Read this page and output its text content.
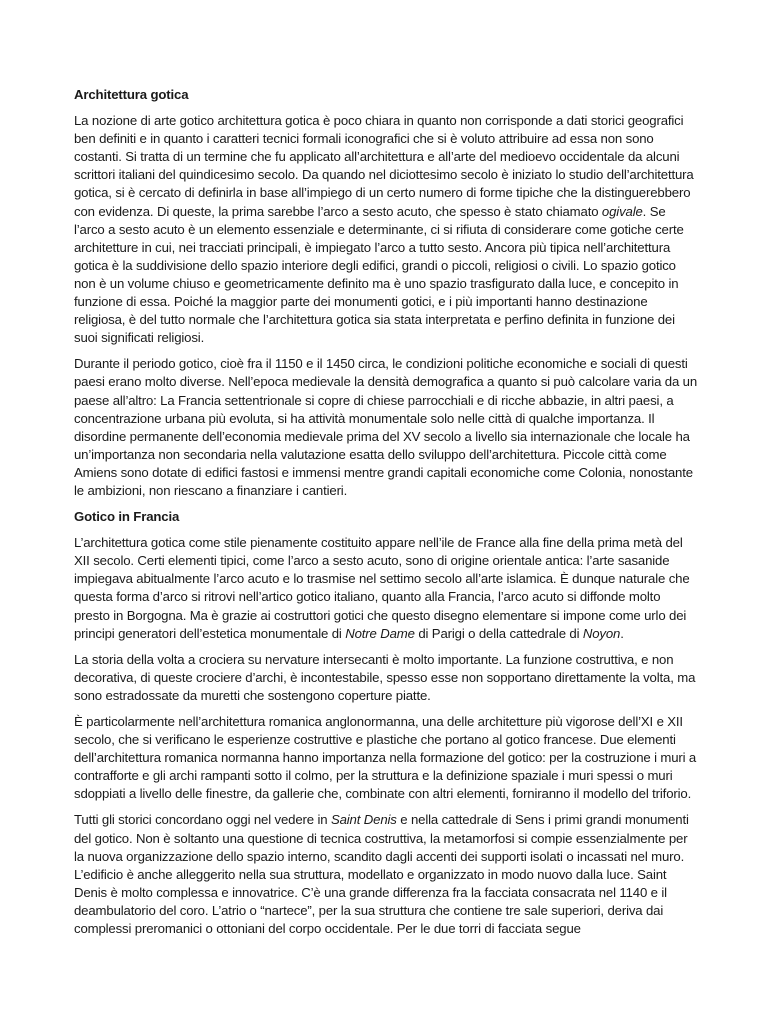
Architettura gotica
La nozione di arte gotico architettura gotica è poco chiara in quanto non corrisponde a dati storici geografici ben definiti e in quanto i caratteri tecnici formali iconografici che si è voluto attribuire ad essa non sono costanti. Si tratta di un termine che fu applicato all’architettura e all’arte del medioevo occidentale da alcuni scrittori italiani del quindicesimo secolo. Da quando nel diciottesimo secolo è iniziato lo studio dell’architettura gotica, si è cercato di definirla in base all’impiego di un certo numero di forme tipiche che la distinguerebbero con evidenza. Di queste, la prima sarebbe l’arco a sesto acuto, che spesso è stato chiamato ogivale. Se l’arco a sesto acuto è un elemento essenziale e determinante, ci si rifiuta di considerare come gotiche certe architetture in cui, nei tracciati principali, è impiegato l’arco a tutto sesto. Ancora più tipica nell’architettura gotica è la suddivisione dello spazio interiore degli edifici, grandi o piccoli, religiosi o civili. Lo spazio gotico non è un volume chiuso e geometricamente definito ma è uno spazio trasfigurato dalla luce, e concepito in funzione di essa. Poiché la maggior parte dei monumenti gotici, e i più importanti hanno destinazione religiosa, è del tutto normale che l’architettura gotica sia stata interpretata e perfino definita in funzione dei suoi significati religiosi.
Durante il periodo gotico, cioè fra il 1150 e il 1450 circa, le condizioni politiche economiche e sociali di questi paesi erano molto diverse. Nell’epoca medievale la densità demografica a quanto si può calcolare varia da un paese all’altro: La Francia settentrionale si copre di chiese parrocchiali e di ricche abbazie, in altri paesi, a concentrazione urbana più evoluta, si ha attività monumentale solo nelle città di qualche importanza. Il disordine permanente dell’economia medievale prima del XV secolo a livello sia internazionale che locale ha un’importanza non secondaria nella valutazione esatta dello sviluppo dell’architettura. Piccole città come Amiens sono dotate di edifici fastosi e immensi mentre grandi capitali economiche come Colonia, nonostante le ambizioni, non riescano a finanziare i cantieri.
Gotico in Francia
L’architettura gotica come stile pienamente costituito appare nell’ile de France alla fine della prima metà del XII secolo. Certi elementi tipici, come l’arco a sesto acuto, sono di origine orientale antica: l’arte sasanide impiegava abitualmente l’arco acuto e lo trasmise nel settimo secolo all’arte islamica. È dunque naturale che questa forma d’arco si ritrovi nell’artico gotico italiano, quanto alla Francia, l’arco acuto si diffonde molto presto in Borgogna. Ma è grazie ai costruttori gotici che questo disegno elementare si impone come urlo dei principi generatori dell’estetica monumentale di Notre Dame di Parigi o della cattedrale di Noyon.
La storia della volta a crociera su nervature intersecanti è molto importante. La funzione costruttiva, e non decorativa, di queste crociere d’archi, è incontestabile, spesso esse non sopportano direttamente la volta, ma sono estradossate da muretti che sostengono coperture piatte.
È particolarmente nell’architettura romanica anglonormanna, una delle architetture più vigorose dell’XI e XII secolo, che si verificano le esperienze costruttive e plastiche che portano al gotico francese. Due elementi dell’architettura romanica normanna hanno importanza nella formazione del gotico: per la costruzione i muri a contrafforte e gli archi rampanti sotto il colmo, per la struttura e la definizione spaziale i muri spessi o muri sdoppiati a livello delle finestre, da gallerie che, combinate con altri elementi, forniranno il modello del triforio.
Tutti gli storici concordano oggi nel vedere in Saint Denis e nella cattedrale di Sens i primi grandi monumenti del gotico. Non è soltanto una questione di tecnica costruttiva, la metamorfosi si compie essenzialmente per la nuova organizzazione dello spazio interno, scandito dagli accenti dei supporti isolati o incassati nel muro. L’edificio è anche alleggerito nella sua struttura, modellato e organizzato in modo nuovo dalla luce. Saint Denis è molto complessa e innovatrice. C’è una grande differenza fra la facciata consacrata nel 1140 e il deambulatorio del coro. L’atrio o “nartece”, per la sua struttura che contiene tre sale superiori, deriva dai complessi preromanici o ottoniani del corpo occidentale. Per le due torri di facciata segue
